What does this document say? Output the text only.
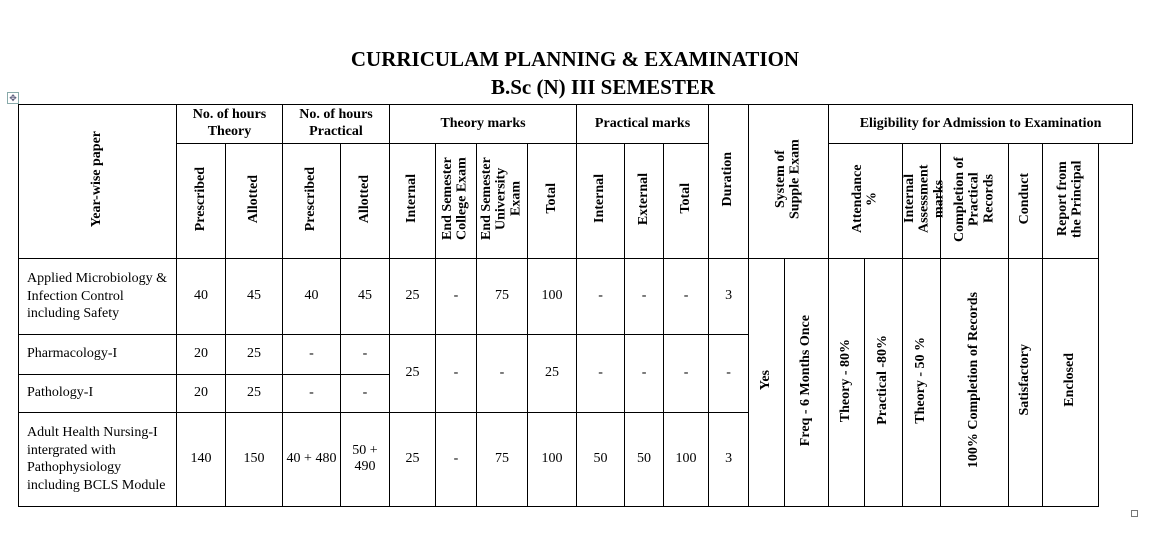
CURRICULAM PLANNING & EXAMINATION
B.Sc (N) III SEMESTER
✥
Year-wise paper	No. of hours Theory		No. of hours Practical		Theory marks				Practical marks			Duration	System of Supple Exam		Eligibility for Admission to Examination					
	Prescribed	Allotted	Prescribed	Allotted	Internal	End Semester College Exam	End Semester University Exam	Total	Internal	External	Total				Attendance %		Internal Assessment marks	Completion of Practical Records	Conduct	Report from the Principal
Applied Microbiology & Infection Control including Safety	40	45	40	45	25	-	75	100	-	-	-	3	Yes	Freq - 6 Months Once	Theory - 80%	Practical -80%	Theory - 50 %	100% Completion of Records	Satisfactory	Enclosed
Pharmacology-I	20	25	-	-	25	-	-	25	-	-	-	-								
Pathology-I	20	25	-	-																
Adult Health Nursing-I intergrated with Pathophysiology including BCLS Module	140	150	40 + 480	50 + 490	25	-	75	100	50	50	100	3								
